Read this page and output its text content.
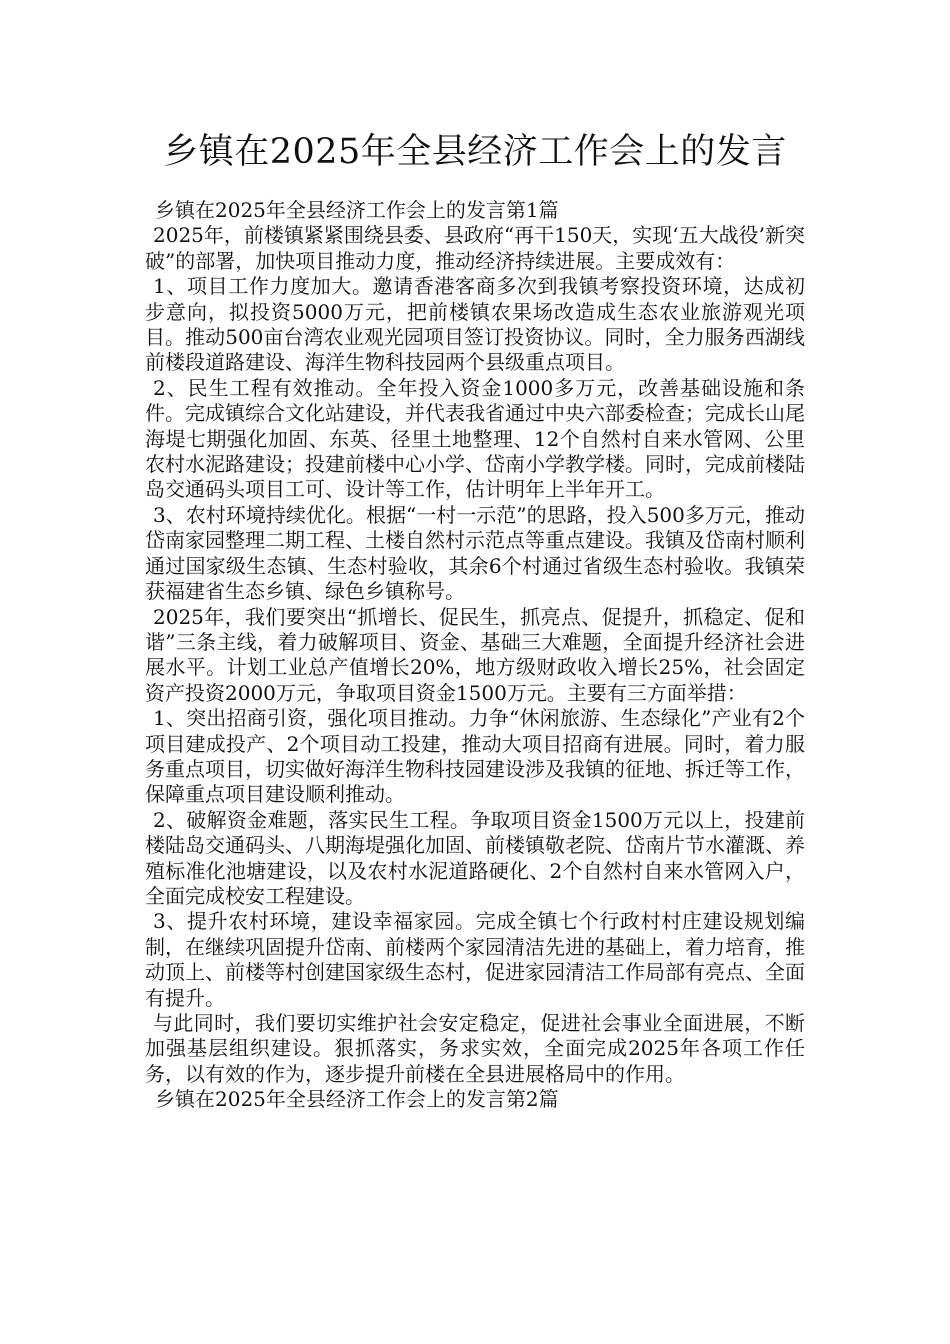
乡镇在2025年全县经济工作会上的发言

乡镇在2025年全县经济工作会上的发言第1篇

2025年，前楼镇紧紧围绕县委、县政府“再干150天，实现‘五大战役’新突破”的部署，加快项目推动力度，推动经济持续进展。主要成效有：

1、项目工作力度加大。邀请香港客商多次到我镇考察投资环境，达成初步意向，拟投资5000万元，把前楼镇农果场改造成生态农业旅游观光项目。推动500亩台湾农业观光园项目签订投资协议。同时，全力服务西湖线前楼段道路建设、海洋生物科技园两个县级重点项目。

2、民生工程有效推动。全年投入资金1000多万元，改善基础设施和条件。完成镇综合文化站建设，并代表我省通过中央六部委检查；完成长山尾海堤七期强化加固、东英、径里土地整理、12个自然村自来水管网、公里农村水泥路建设；投建前楼中心小学、岱南小学教学楼。同时，完成前楼陆岛交通码头项目工可、设计等工作，估计明年上半年开工。

3、农村环境持续优化。根据“一村一示范”的思路，投入500多万元，推动岱南家园整理二期工程、土楼自然村示范点等重点建设。我镇及岱南村顺利通过国家级生态镇、生态村验收，其余6个村通过省级生态村验收。我镇荣获福建省生态乡镇、绿色乡镇称号。

2025年，我们要突出“抓增长、促民生，抓亮点、促提升，抓稳定、促和谐”三条主线，着力破解项目、资金、基础三大难题，全面提升经济社会进展水平。计划工业总产值增长20%，地方级财政收入增长25%，社会固定资产投资2000万元，争取项目资金1500万元。主要有三方面举措：

1、突出招商引资，强化项目推动。力争“休闲旅游、生态绿化”产业有2个项目建成投产、2个项目动工投建，推动大项目招商有进展。同时，着力服务重点项目，切实做好海洋生物科技园建设涉及我镇的征地、拆迁等工作，保障重点项目建设顺利推动。

2、破解资金难题，落实民生工程。争取项目资金1500万元以上，投建前楼陆岛交通码头、八期海堤强化加固、前楼镇敬老院、岱南片节水灌溉、养殖标准化池塘建设，以及农村水泥道路硬化、2个自然村自来水管网入户，全面完成校安工程建设。

3、提升农村环境，建设幸福家园。完成全镇七个行政村村庄建设规划编制，在继续巩固提升岱南、前楼两个家园清洁先进的基础上，着力培育，推动顶上、前楼等村创建国家级生态村，促进家园清洁工作局部有亮点、全面有提升。

与此同时，我们要切实维护社会安定稳定，促进社会事业全面进展，不断加强基层组织建设。狠抓落实，务求实效，全面完成2025年各项工作任务，以有效的作为，逐步提升前楼在全县进展格局中的作用。

乡镇在2025年全县经济工作会上的发言第2篇
